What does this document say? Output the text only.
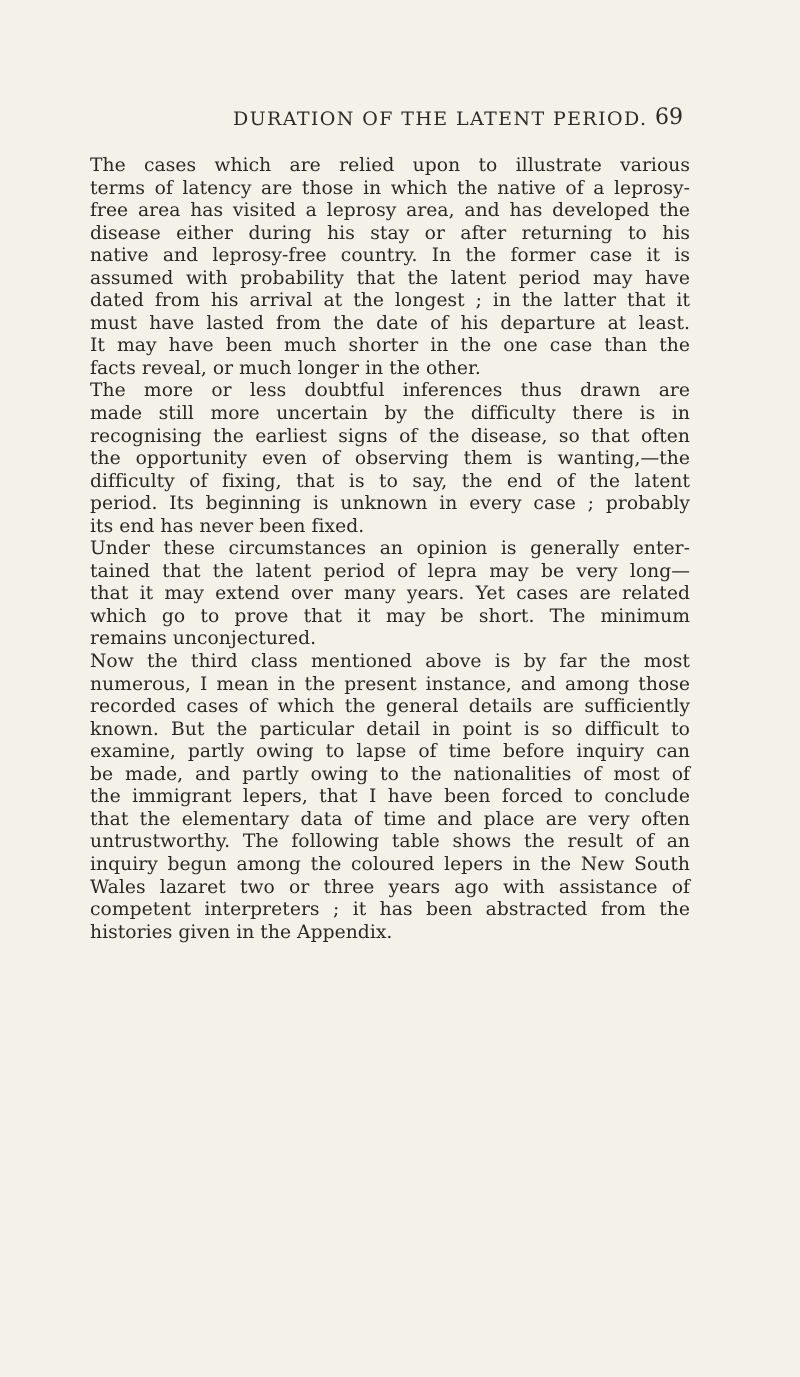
DURATION OF THE LATENT PERIOD. 69
The cases which are relied upon to illustrate various
terms of latency are those in which the native of a leprosy-
free area has visited a leprosy area, and has developed the
disease either during his stay or after returning to his
native and leprosy-free country. In the former case it is
assumed with probability that the latent period may have
dated from his arrival at the longest ; in the latter that it
must have lasted from the date of his departure at least.
It may have been much shorter in the one case than the
facts reveal, or much longer in the other.
The more or less doubtful inferences thus drawn are
made still more uncertain by the difficulty there is in
recognising the earliest signs of the disease, so that often
the opportunity even of observing them is wanting,—the
difficulty of fixing, that is to say, the end of the latent
period. Its beginning is unknown in every case ; probably
its end has never been fixed.
Under these circumstances an opinion is generally enter-
tained that the latent period of lepra may be very long—
that it may extend over many years. Yet cases are related
which go to prove that it may be short. The minimum
remains unconjectured.
Now the third class mentioned above is by far the most
numerous, I mean in the present instance, and among those
recorded cases of which the general details are sufficiently
known. But the particular detail in point is so difficult to
examine, partly owing to lapse of time before inquiry can
be made, and partly owing to the nationalities of most of
the immigrant lepers, that I have been forced to conclude
that the elementary data of time and place are very often
untrustworthy. The following table shows the result of an
inquiry begun among the coloured lepers in the New South
Wales lazaret two or three years ago with assistance of
competent interpreters ; it has been abstracted from the
histories given in the Appendix.
